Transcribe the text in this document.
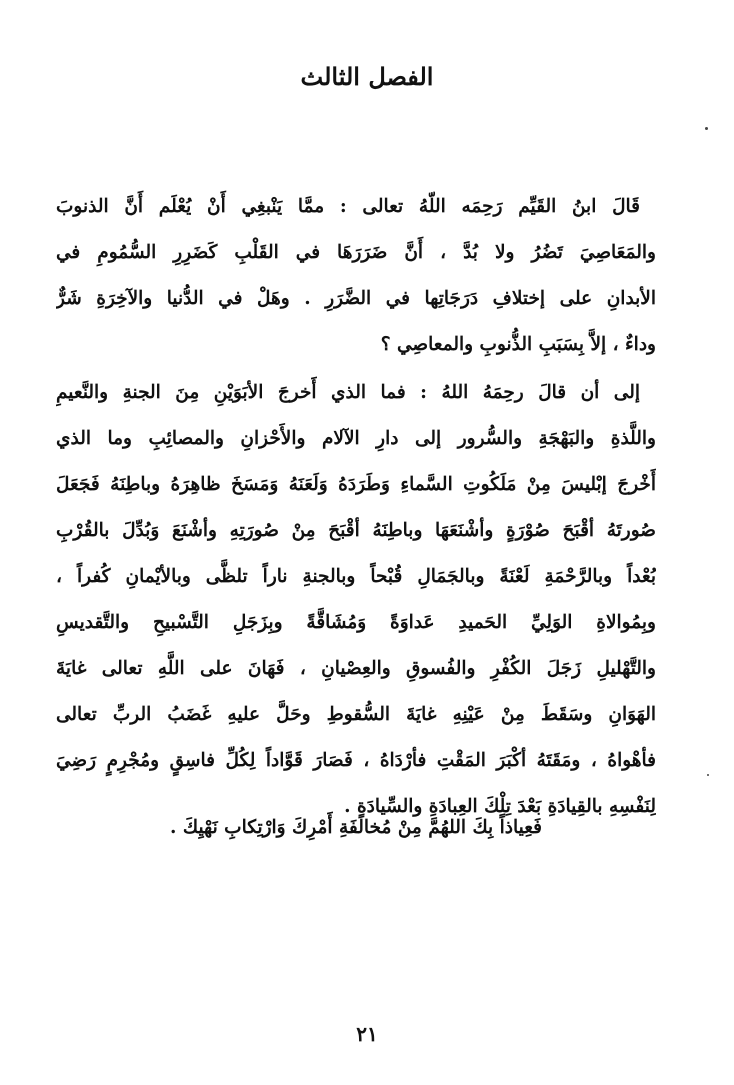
الفصل الثالث
قَالَ ابنُ القَيِّم رَحِمَه اللّهُ تعالى : ممَّا يَنْبغِي أَنْ يُعْلَم أَنَّ الذنوبَ
والمَعَاصِيَ تَضُرُ ولا بُدَّ ، أَنَّ ضَرَرَهَا في القَلْبِ كَضَرِرِ السُّمُومِ في
الأبدانِ على إختلافِ دَرَجَاتِها في الضَّرَرِ . وهَلْ في الدُّنيا والآخِرَةِ شَرٌّ
وداءٌ ، إلاَّ بِسَبَبِ الذُّنوبِ والمعاصِي ؟
إلى أن قالَ رحِمَهُ اللهُ : فما الذي أَخرجَ الأبَوَيْنِ مِنَ الجنةِ والنَّعيمِ
واللَّذةِ والبَهْجَةِ والسُّرور إلى دارِ الآلام والأَحْزانِ والمصائِبِ وما الذي
أَخْرجَ إبْليسَ مِنْ مَلَكُوتِ السَّماءِ وَطَرَدَهُ وَلَعَنَهُ وَمَسَخَ ظاهِرَهُ وباطِنَهُ فَجَعَلَ
صُورتَهُ أقْبَحَ صُوْرَةٍ وأشْنَعَهَا وباطِنَهُ أقْبَحَ مِنْ صُورَتِهِ وأشْنَعَ وَبُدِّلَ بالقُرْبِ
بُعْداً وبالرَّحْمَةِ لَعْنَةً وبالجَمَالِ قُبْحاً وبالجنةِ ناراً تلظَّى وبالأيْمانِ كُفراً ،
وبِمُوالاةِ الوَلِيِّ الحَميدِ عَداوَةً وَمُشَاقَّةً وبِزَجَلِ التَّسْبيحِ والتَّقديسِ
والتَّهْليلِ زَجَلَ الكُفْرِ والفُسوقِ والعِصْيانِ ، فَهَانَ على اللَّهِ تعالى غايَةَ
الهَوَانِ وسَقَطَ مِنْ عَيْنِهِ غايَةَ السُّقوطِ وحَلَّ عليهِ غَضَبُ الربِّ تعالى
فأهْواهُ ، ومَقَتَهُ أكْبَرَ المَقْتِ فأرْدَاهُ ، فَصَارَ قَوَّاداً لِكُلِّ فاسِقٍ ومُجْرِمٍ رَضِيَ
لِنَفْسِهِ بالقِيادَةِ بَعْدَ تِلْكَ العِبادَةِ والسِّيادَةِ .
فَعِياذاً بِكَ اللهُمَّ مِنْ مُخالَفَةِ أَمْرِكَ وَارْتِكابِ نَهْيِكَ .
٢١
